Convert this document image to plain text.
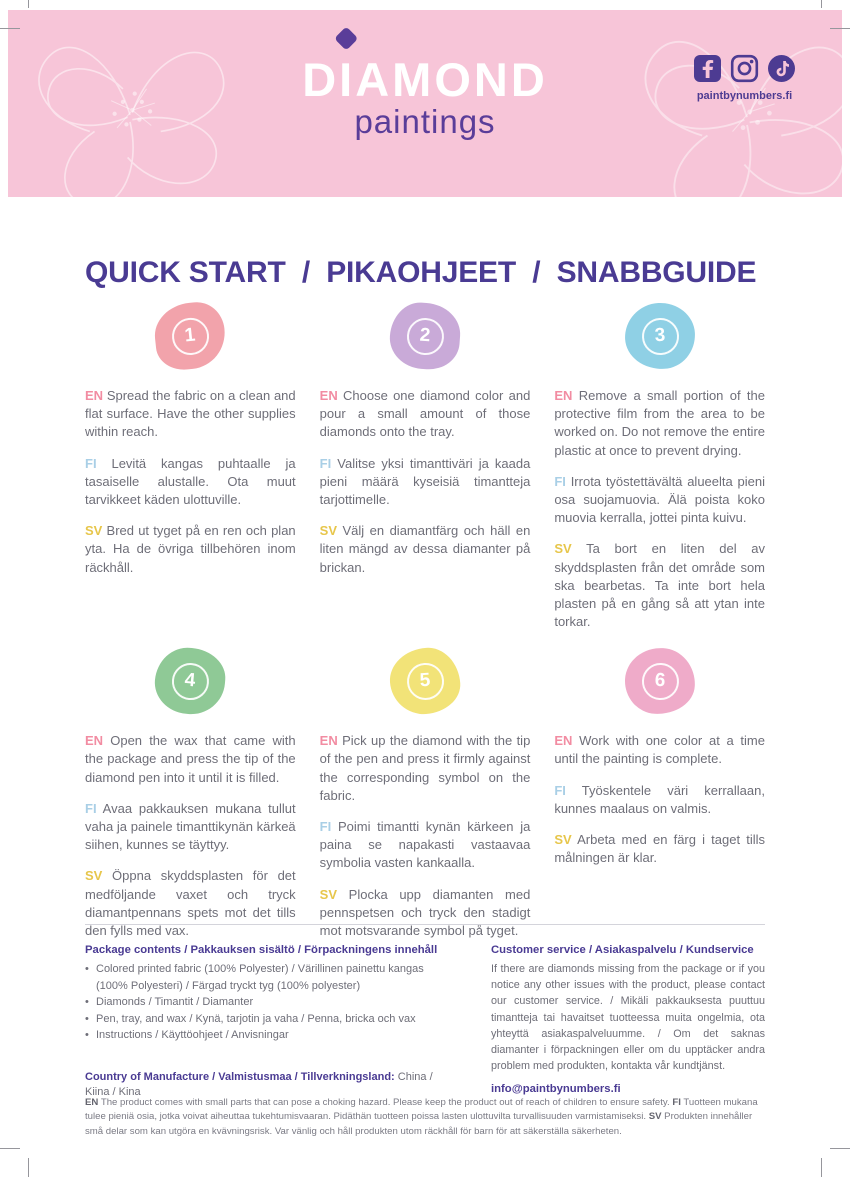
DIAMOND
paintings
paintbynumbers.fi
QUICK START  /  PIKAOHJEET  /  SNABBGUIDE
1

EN Spread the fabric on a clean and flat surface. Have the other supplies within reach.

FI Levitä kangas puhtaalle ja tasaiselle alustalle. Ota muut tarvikkeet käden ulottuville.

SV Bred ut tyget på en ren och plan yta. Ha de övriga tillbehören inom räckhåll.

2

EN Choose one diamond color and pour a small amount of those diamonds onto the tray.

FI Valitse yksi timanttiväri ja kaada pieni määrä kyseisiä timantteja tarjottimelle.

SV Välj en diamantfärg och häll en liten mängd av dessa diamanter på brickan.

3

EN Remove a small portion of the protective film from the area to be worked on. Do not remove the entire plastic at once to prevent drying.

FI Irrota työstettävältä alueelta pieni osa suojamuovia. Älä poista koko muovia kerralla, jottei pinta kuivu.

SV Ta bort en liten del av skyddsplasten från det område som ska bearbetas. Ta inte bort hela plasten på en gång så att ytan inte torkar.

4

EN Open the wax that came with the package and press the tip of the diamond pen into it until it is filled.

FI Avaa pakkauksen mukana tullut vaha ja painele timanttikynän kärkeä siihen, kunnes se täyttyy.

SV Öppna skyddsplasten för det medföljande vaxet och tryck diamantpennans spets mot det tills den fylls med vax.

5

EN Pick up the diamond with the tip of the pen and press it firmly against the corresponding symbol on the fabric.

FI Poimi timantti kynän kärkeen ja paina se napakasti vastaavaa symbolia vasten kankaalla.

SV Plocka upp diamanten med pennspetsen och tryck den stadigt mot motsvarande symbol på tyget.

6

EN Work with one color at a time until the painting is complete.

FI Työskentele väri kerrallaan, kunnes maalaus on valmis.

SV Arbeta med en färg i taget tills målningen är klar.

Package contents / Pakkauksen sisältö / Förpackningens innehåll

• Colored printed fabric (100% Polyester) / Värillinen painettu kangas (100% Polyesteri) / Färgad tryckt tyg (100% polyester)
• Diamonds / Timantit / Diamanter
• Pen, tray, and wax / Kynä, tarjotin ja vaha / Penna, bricka och vax
• Instructions / Käyttöohjeet / Anvisningar

Country of Manufacture / Valmistusmaa / Tillverkningsland: China / Kiina / Kina

Customer service / Asiakaspalvelu / Kundservice

If there are diamonds missing from the package or if you notice any other issues with the product, please contact our customer service. / Mikäli pakkauksesta puuttuu timantteja tai havaitset tuotteessa muita ongelmia, ota yhteyttä asiakaspalveluumme. / Om det saknas diamanter i förpackningen eller om du upptäcker andra problem med produkten, kontakta vår kundtjänst.

info@paintbynumbers.fi

EN The product comes with small parts that can pose a choking hazard. Please keep the product out of reach of children to ensure safety. FI Tuotteen mukana tulee pieniä osia, jotka voivat aiheuttaa tukehtumisvaaran. Pidäthän tuotteen poissa lasten ulottuvilta turvallisuuden varmistamiseksi. SV Produkten innehåller små delar som kan utgöra en kvävningsrisk. Var vänlig och håll produkten utom räckhåll för barn för att säkerställa säkerheten.
